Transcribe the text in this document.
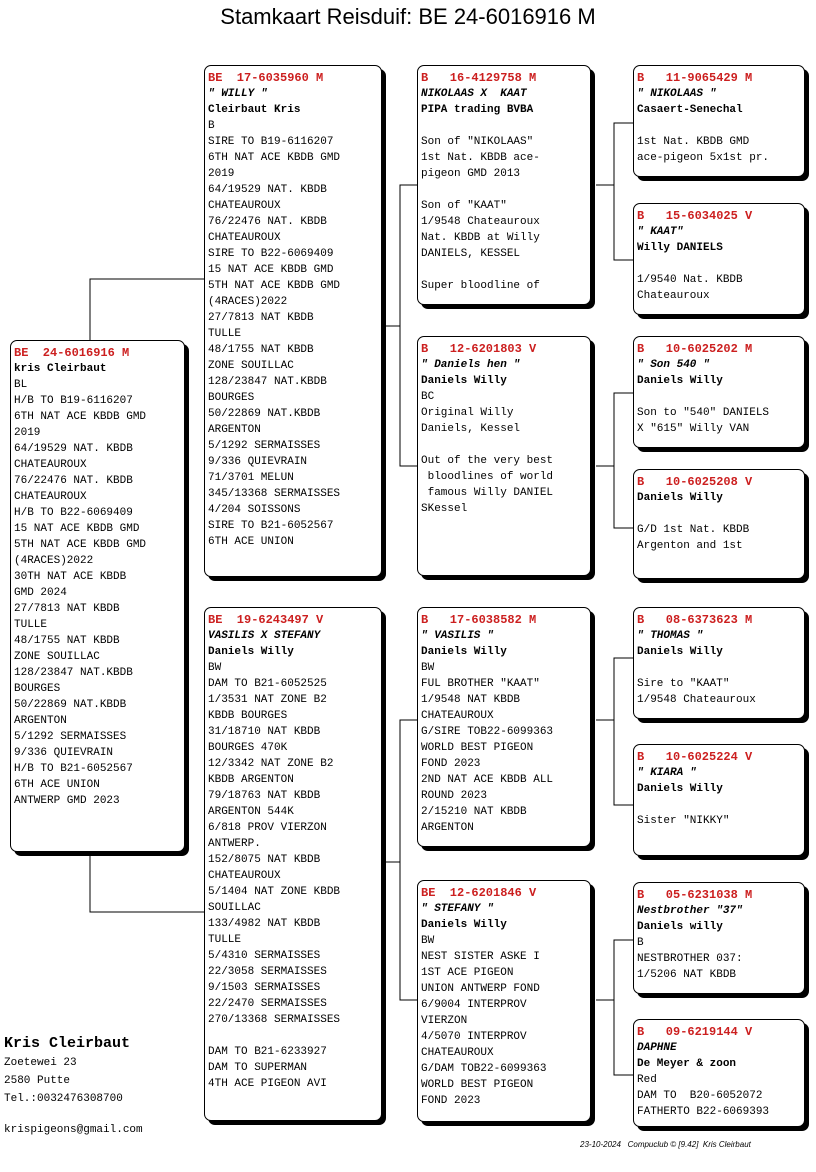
Stamkaart Reisduif: BE 24-6016916 M
BE  24-6016916 M
kris Cleirbaut
BL
H/B TO B19-6116207
6TH NAT ACE KBDB GMD
2019
64/19529 NAT. KBDB
CHATEAUROUX
76/22476 NAT. KBDB
CHATEAUROUX
H/B TO B22-6069409
15 NAT ACE KBDB GMD
5TH NAT ACE KBDB GMD
(4RACES)2022
30TH NAT ACE KBDB
GMD 2024
27/7813 NAT KBDB
TULLE
48/1755 NAT KBDB
ZONE SOUILLAC
128/23847 NAT.KBDB
BOURGES
50/22869 NAT.KBDB
ARGENTON
5/1292 SERMAISSES
9/336 QUIEVRAIN
H/B TO B21-6052567
6TH ACE UNION
ANTWERP GMD 2023
BE  17-6035960 M
" WILLY "
Cleirbaut Kris
B
SIRE TO B19-6116207
6TH NAT ACE KBDB GMD
2019
64/19529 NAT. KBDB
CHATEAUROUX
76/22476 NAT. KBDB
CHATEAUROUX
SIRE TO B22-6069409
15 NAT ACE KBDB GMD
5TH NAT ACE KBDB GMD
(4RACES)2022
27/7813 NAT KBDB
TULLE
48/1755 NAT KBDB
ZONE SOUILLAC
128/23847 NAT.KBDB
BOURGES
50/22869 NAT.KBDB
ARGENTON
5/1292 SERMAISSES
9/336 QUIEVRAIN
71/3701 MELUN
345/13368 SERMAISSES
4/204 SOISSONS
SIRE TO B21-6052567
6TH ACE UNION
BE  19-6243497 V
VASILIS X STEFANY
Daniels Willy
BW
DAM TO B21-6052525
1/3531 NAT ZONE B2
KBDB BOURGES
31/18710 NAT KBDB
BOURGES 470K
12/3342 NAT ZONE B2
KBDB ARGENTON
79/18763 NAT KBDB
ARGENTON 544K
6/818 PROV VIERZON
ANTWERP.
152/8075 NAT KBDB
CHATEAUROUX
5/1404 NAT ZONE KBDB
SOUILLAC
133/4982 NAT KBDB
TULLE
5/4310 SERMAISSES
22/3058 SERMAISSES
9/1503 SERMAISSES
22/2470 SERMAISSES
270/13368 SERMAISSES

DAM TO B21-6233927
DAM TO SUPERMAN
4TH ACE PIGEON AVI
B   16-4129758 M
NIKOLAAS X  KAAT
PIPA trading BVBA

Son of "NIKOLAAS"
1st Nat. KBDB ace-
pigeon GMD 2013

Son of "KAAT"
1/9548 Chateauroux
Nat. KBDB at Willy
DANIELS, KESSEL

Super bloodline of
B   12-6201803 V
" Daniels hen "
Daniels Willy
BC
Original Willy
Daniels, Kessel

Out of the very best
bloodlines of world
famous Willy DANIEL
SKessel
B   17-6038582 M
" VASILIS "
Daniels Willy
BW
FUL BROTHER "KAAT"
1/9548 NAT KBDB
CHATEAUROUX
G/SIRE TOB22-6099363
WORLD BEST PIGEON
FOND 2023
2ND NAT ACE KBDB ALL
ROUND 2023
2/15210 NAT KBDB
ARGENTON
BE  12-6201846 V
" STEFANY "
Daniels Willy
BW
NEST SISTER ASKE I
1ST ACE PIGEON
UNION ANTWERP FOND
6/9004 INTERPROV
VIERZON
4/5070 INTERPROV
CHATEAUROUX
G/DAM TOB22-6099363
WORLD BEST PIGEON
FOND 2023
B   11-9065429 M
" NIKOLAAS "
Casaert-Senechal

1st Nat. KBDB GMD
ace-pigeon 5x1st pr.
B   15-6034025 V
" KAAT"
Willy DANIELS

1/9540 Nat. KBDB
Chateauroux
B   10-6025202 M
" Son 540 "
Daniels Willy

Son to "540" DANIELS
X "615" Willy VAN
B   10-6025208 V
Daniels Willy

G/D 1st Nat. KBDB
Argenton and 1st
B   08-6373623 M
" THOMAS "
Daniels Willy

Sire to "KAAT"
1/9548 Chateauroux
B   10-6025224 V
" KIARA "
Daniels Willy

Sister "NIKKY"
B   05-6231038 M
Nestbrother "37"
Daniels willy
B
NESTBROTHER 037:
1/5206 NAT KBDB
B   09-6219144 V
DAPHNE
De Meyer & zoon
Red
DAM TO  B20-6052072
FATHERTO B22-6069393
Kris Cleirbaut
Zoetewei 23
2580 Putte
Tel.:0032476308700
krispigeons@gmail.com
23-10-2024   Compuclub © [9.42]  Kris Cleirbaut
